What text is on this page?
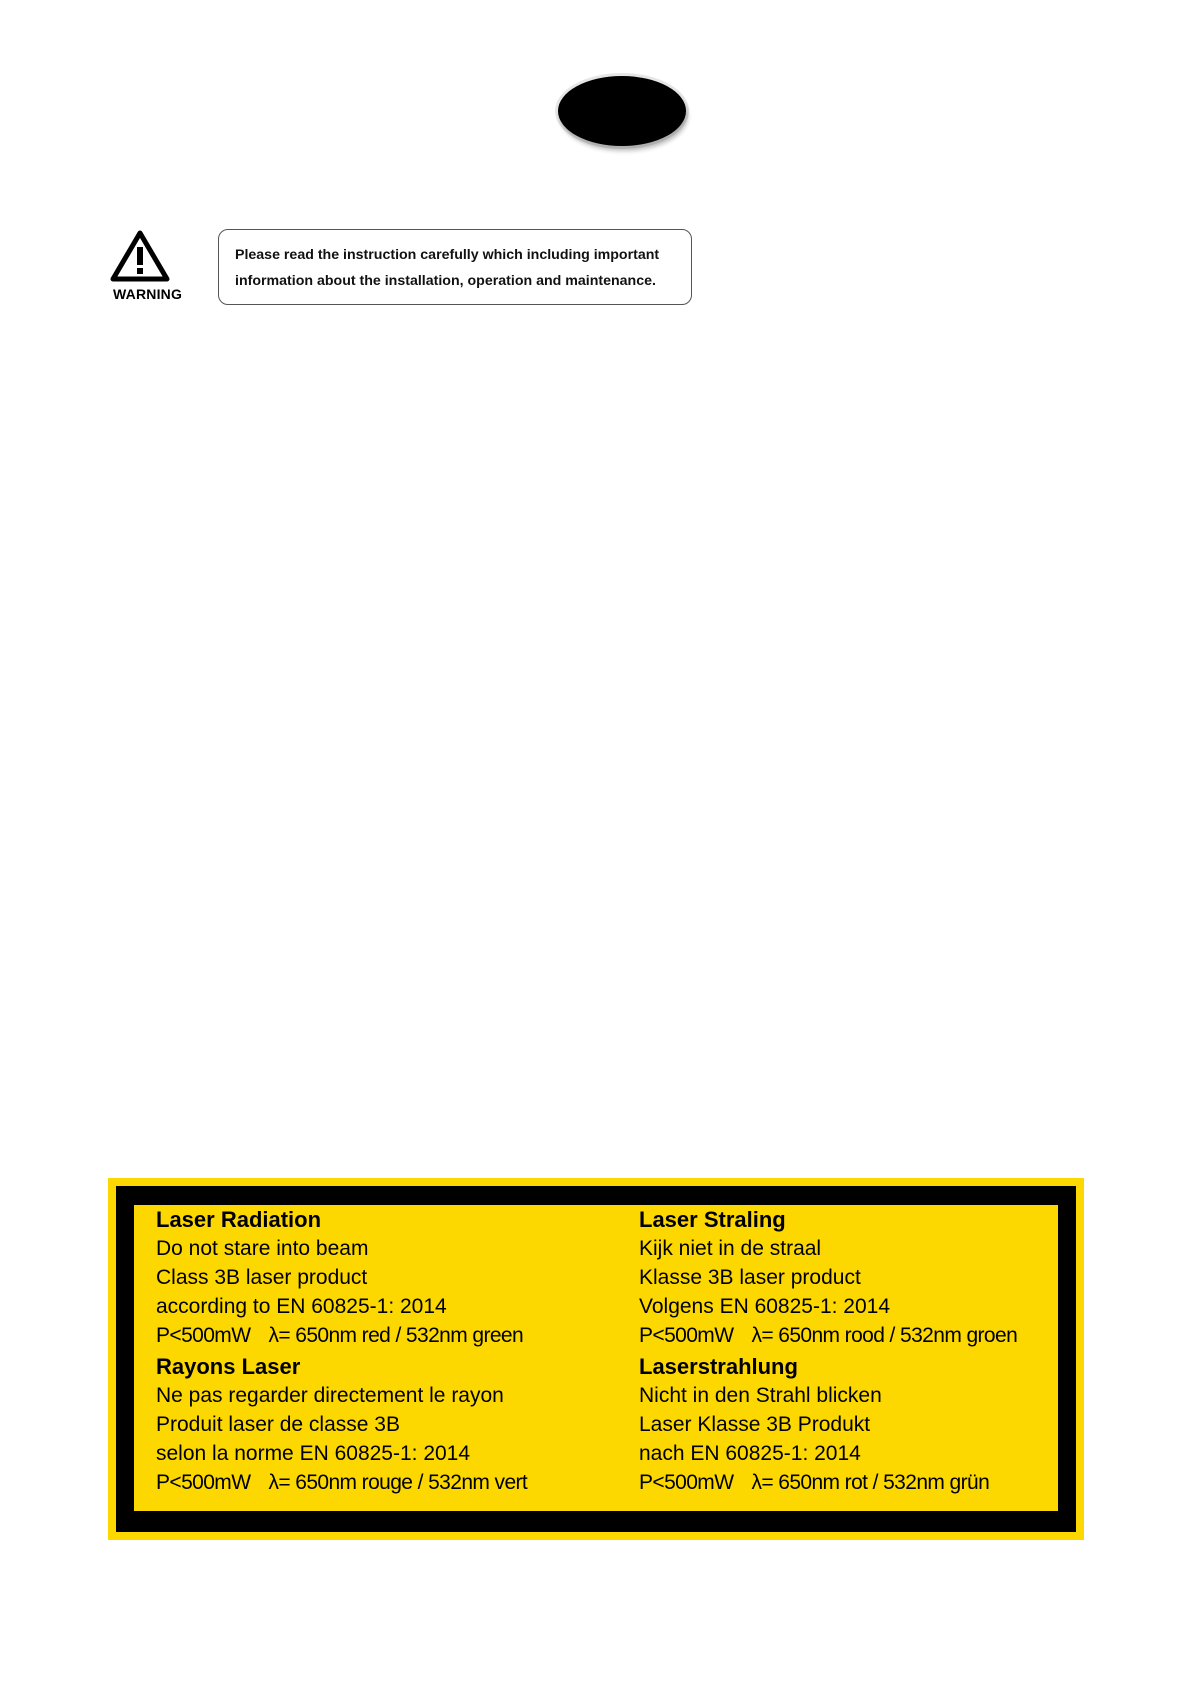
WARNING
Please read the instruction carefully which including important
information about the installation, operation and maintenance.
Laser Radiation
Do not stare into beam
Class 3B laser product
according to EN 60825-1: 2014
P<500mW λ= 650nm red / 532nm green
Rayons Laser
Ne pas regarder directement le rayon
Produit laser de classe 3B
selon la norme EN 60825-1: 2014
P<500mW λ= 650nm rouge / 532nm vert
Laser Straling
Kijk niet in de straal
Klasse 3B laser product
Volgens EN 60825-1: 2014
P<500mW λ= 650nm rood / 532nm groen
Laserstrahlung
Nicht in den Strahl blicken
Laser Klasse 3B Produkt
nach EN 60825-1: 2014
P<500mW λ= 650nm rot / 532nm grün
